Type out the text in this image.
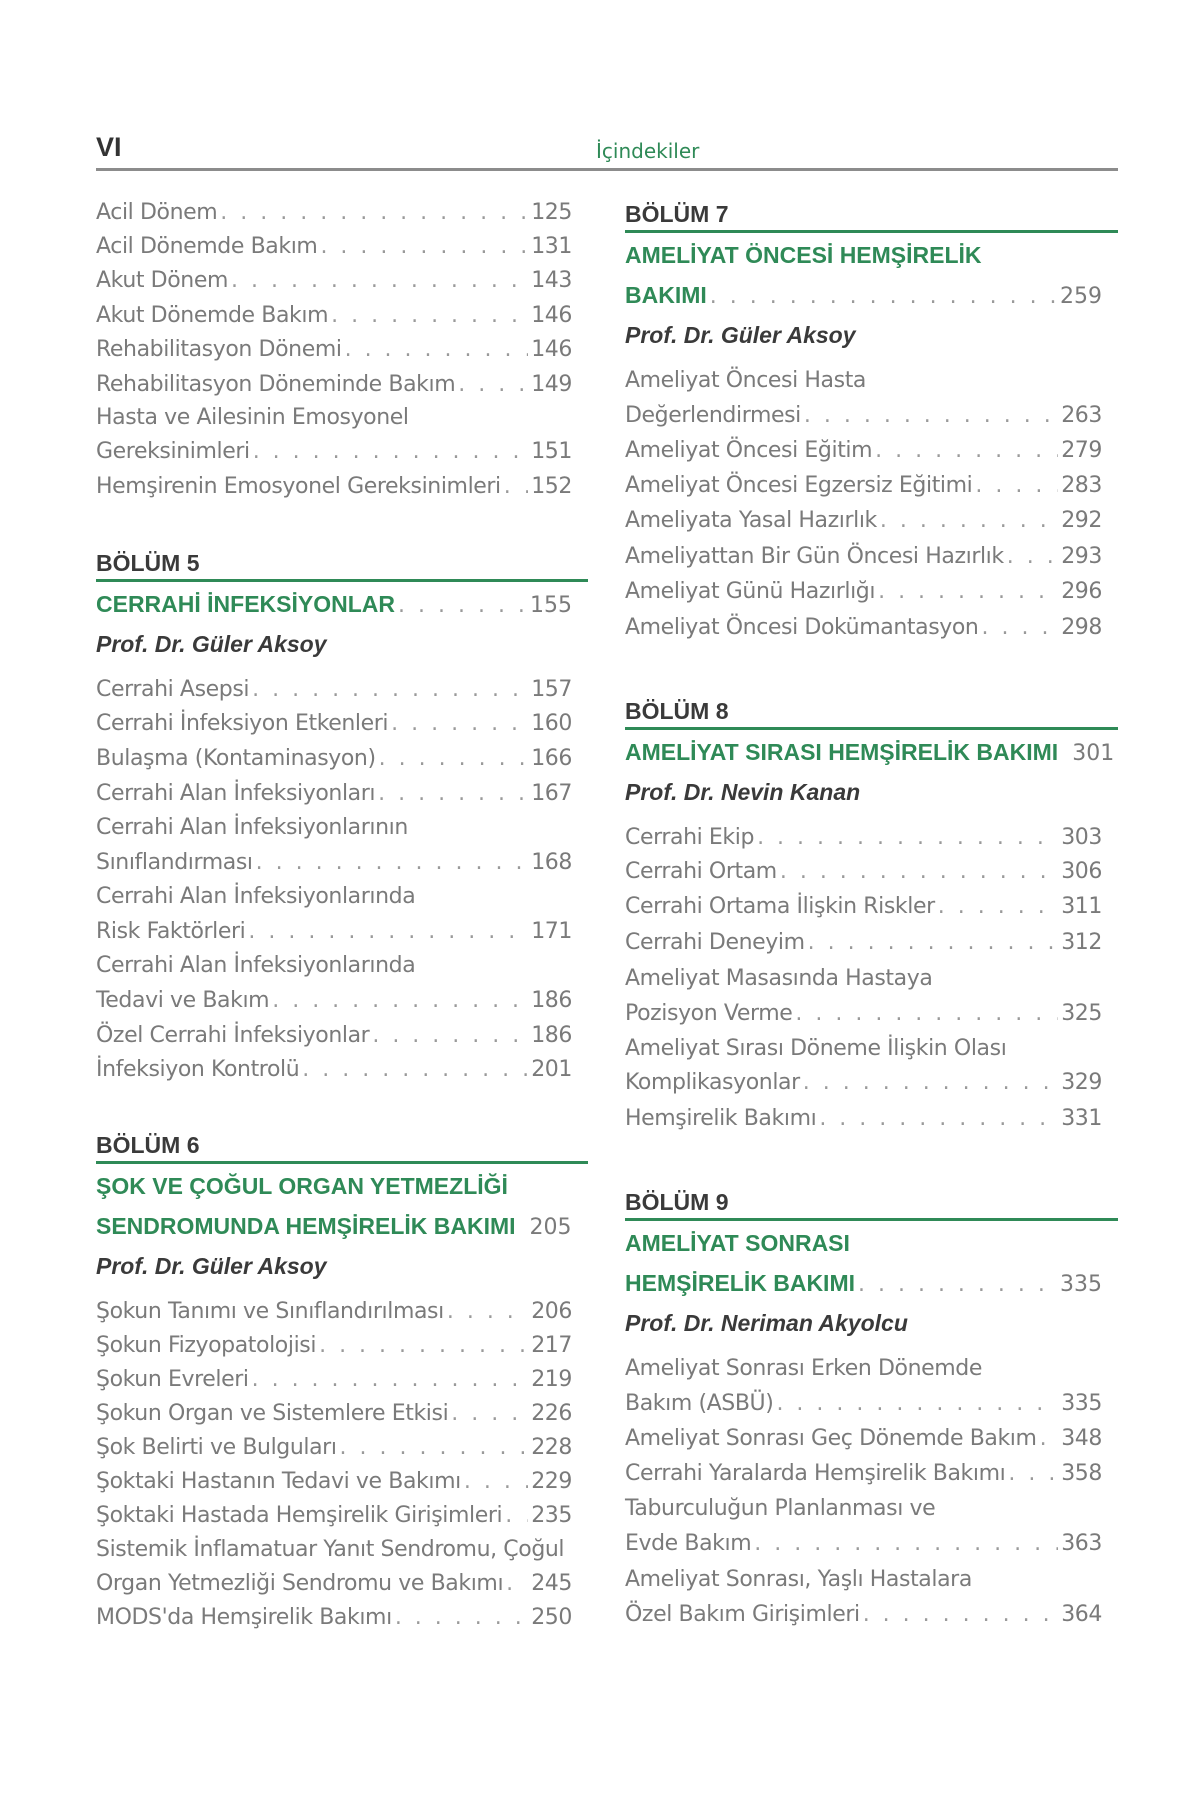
VI	İçindekiler
Acil Dönem . . .	125
Acil Dönemde Bakım . . .	131
Akut Dönem . . .	143
Akut Dönemde Bakım . . .	146
Rehabilitasyon Dönemi . . .	146
Rehabilitasyon Döneminde Bakım . . .	149
Hasta ve Ailesinin Emosyonel
Gereksinimleri . . .	151
Hemşirenin Emosyonel Gereksinimleri . . . 152
BÖLÜM 5
CERRAHİ İNFEKSİYONLAR . . .	155
Prof. Dr. Güler Aksoy
Cerrahi Asepsi . . .	157
Cerrahi İnfeksiyon Etkenleri . . .	160
Bulaşma (Kontaminasyon) . . .	166
Cerrahi Alan İnfeksiyonları . . .	167
Cerrahi Alan İnfeksiyonlarının
Sınıflandırması . . .	168
Cerrahi Alan İnfeksiyonlarında
Risk Faktörleri . . .	171
Cerrahi Alan İnfeksiyonlarında
Tedavi ve Bakım . . .	186
Özel Cerrahi İnfeksiyonlar . . .	186
İnfeksiyon Kontrolü . . .	201
BÖLÜM 6
ŞOK VE ÇOĞUL ORGAN YETMEZLİĞİ
SENDROMUNDA HEMŞİRELİK BAKIMI 205
Prof. Dr. Güler Aksoy
Şokun Tanımı ve Sınıflandırılması . . .	206
Şokun Fizyopatolojisi . . .	217
Şokun Evreleri . . .	219
Şokun Organ ve Sistemlere Etkisi . . .	226
Şok Belirti ve Bulguları . . .	228
Şoktaki Hastanın Tedavi ve Bakımı . . .	229
Şoktaki Hastada Hemşirelik Girişimleri . . . 235
Sistemik İnflamatuar Yanıt Sendromu, Çoğul
Organ Yetmezliği Sendromu ve Bakımı . . . 245
MODS'da Hemşirelik Bakımı . . .	250
BÖLÜM 7
AMELİYAT ÖNCESİ HEMŞİRELİK
BAKIMI . . .	259
Prof. Dr. Güler Aksoy
Ameliyat Öncesi Hasta
Değerlendirmesi . . .	263
Ameliyat Öncesi Eğitim . . .	279
Ameliyat Öncesi Egzersiz Eğitimi . . .	283
Ameliyata Yasal Hazırlık . . .	292
Ameliyattan Bir Gün Öncesi Hazırlık . . .	293
Ameliyat Günü Hazırlığı . . .	296
Ameliyat Öncesi Dokümantasyon . . .	298
BÖLÜM 8
AMELİYAT SIRASI HEMŞİRELİK BAKIMI 301
Prof. Dr. Nevin Kanan
Cerrahi Ekip . . .	303
Cerrahi Ortam . . .	306
Cerrahi Ortama İlişkin Riskler . . .	311
Cerrahi Deneyim . . .	312
Ameliyat Masasında Hastaya
Pozisyon Verme . . .	325
Ameliyat Sırası Döneme İlişkin Olası
Komplikasyonlar . . .	329
Hemşirelik Bakımı . . .	331
BÖLÜM 9
AMELİYAT SONRASI
HEMŞİRELİK BAKIMI . . .	335
Prof. Dr. Neriman Akyolcu
Ameliyat Sonrası Erken Dönemde
Bakım (ASBÜ) . . .	335
Ameliyat Sonrası Geç Dönemde Bakım . . . 348
Cerrahi Yaralarda Hemşirelik Bakımı . . .	358
Taburculuğun Planlanması ve
Evde Bakım . . .	363
Ameliyat Sonrası, Yaşlı Hastalara
Özel Bakım Girişimleri . . .	364
